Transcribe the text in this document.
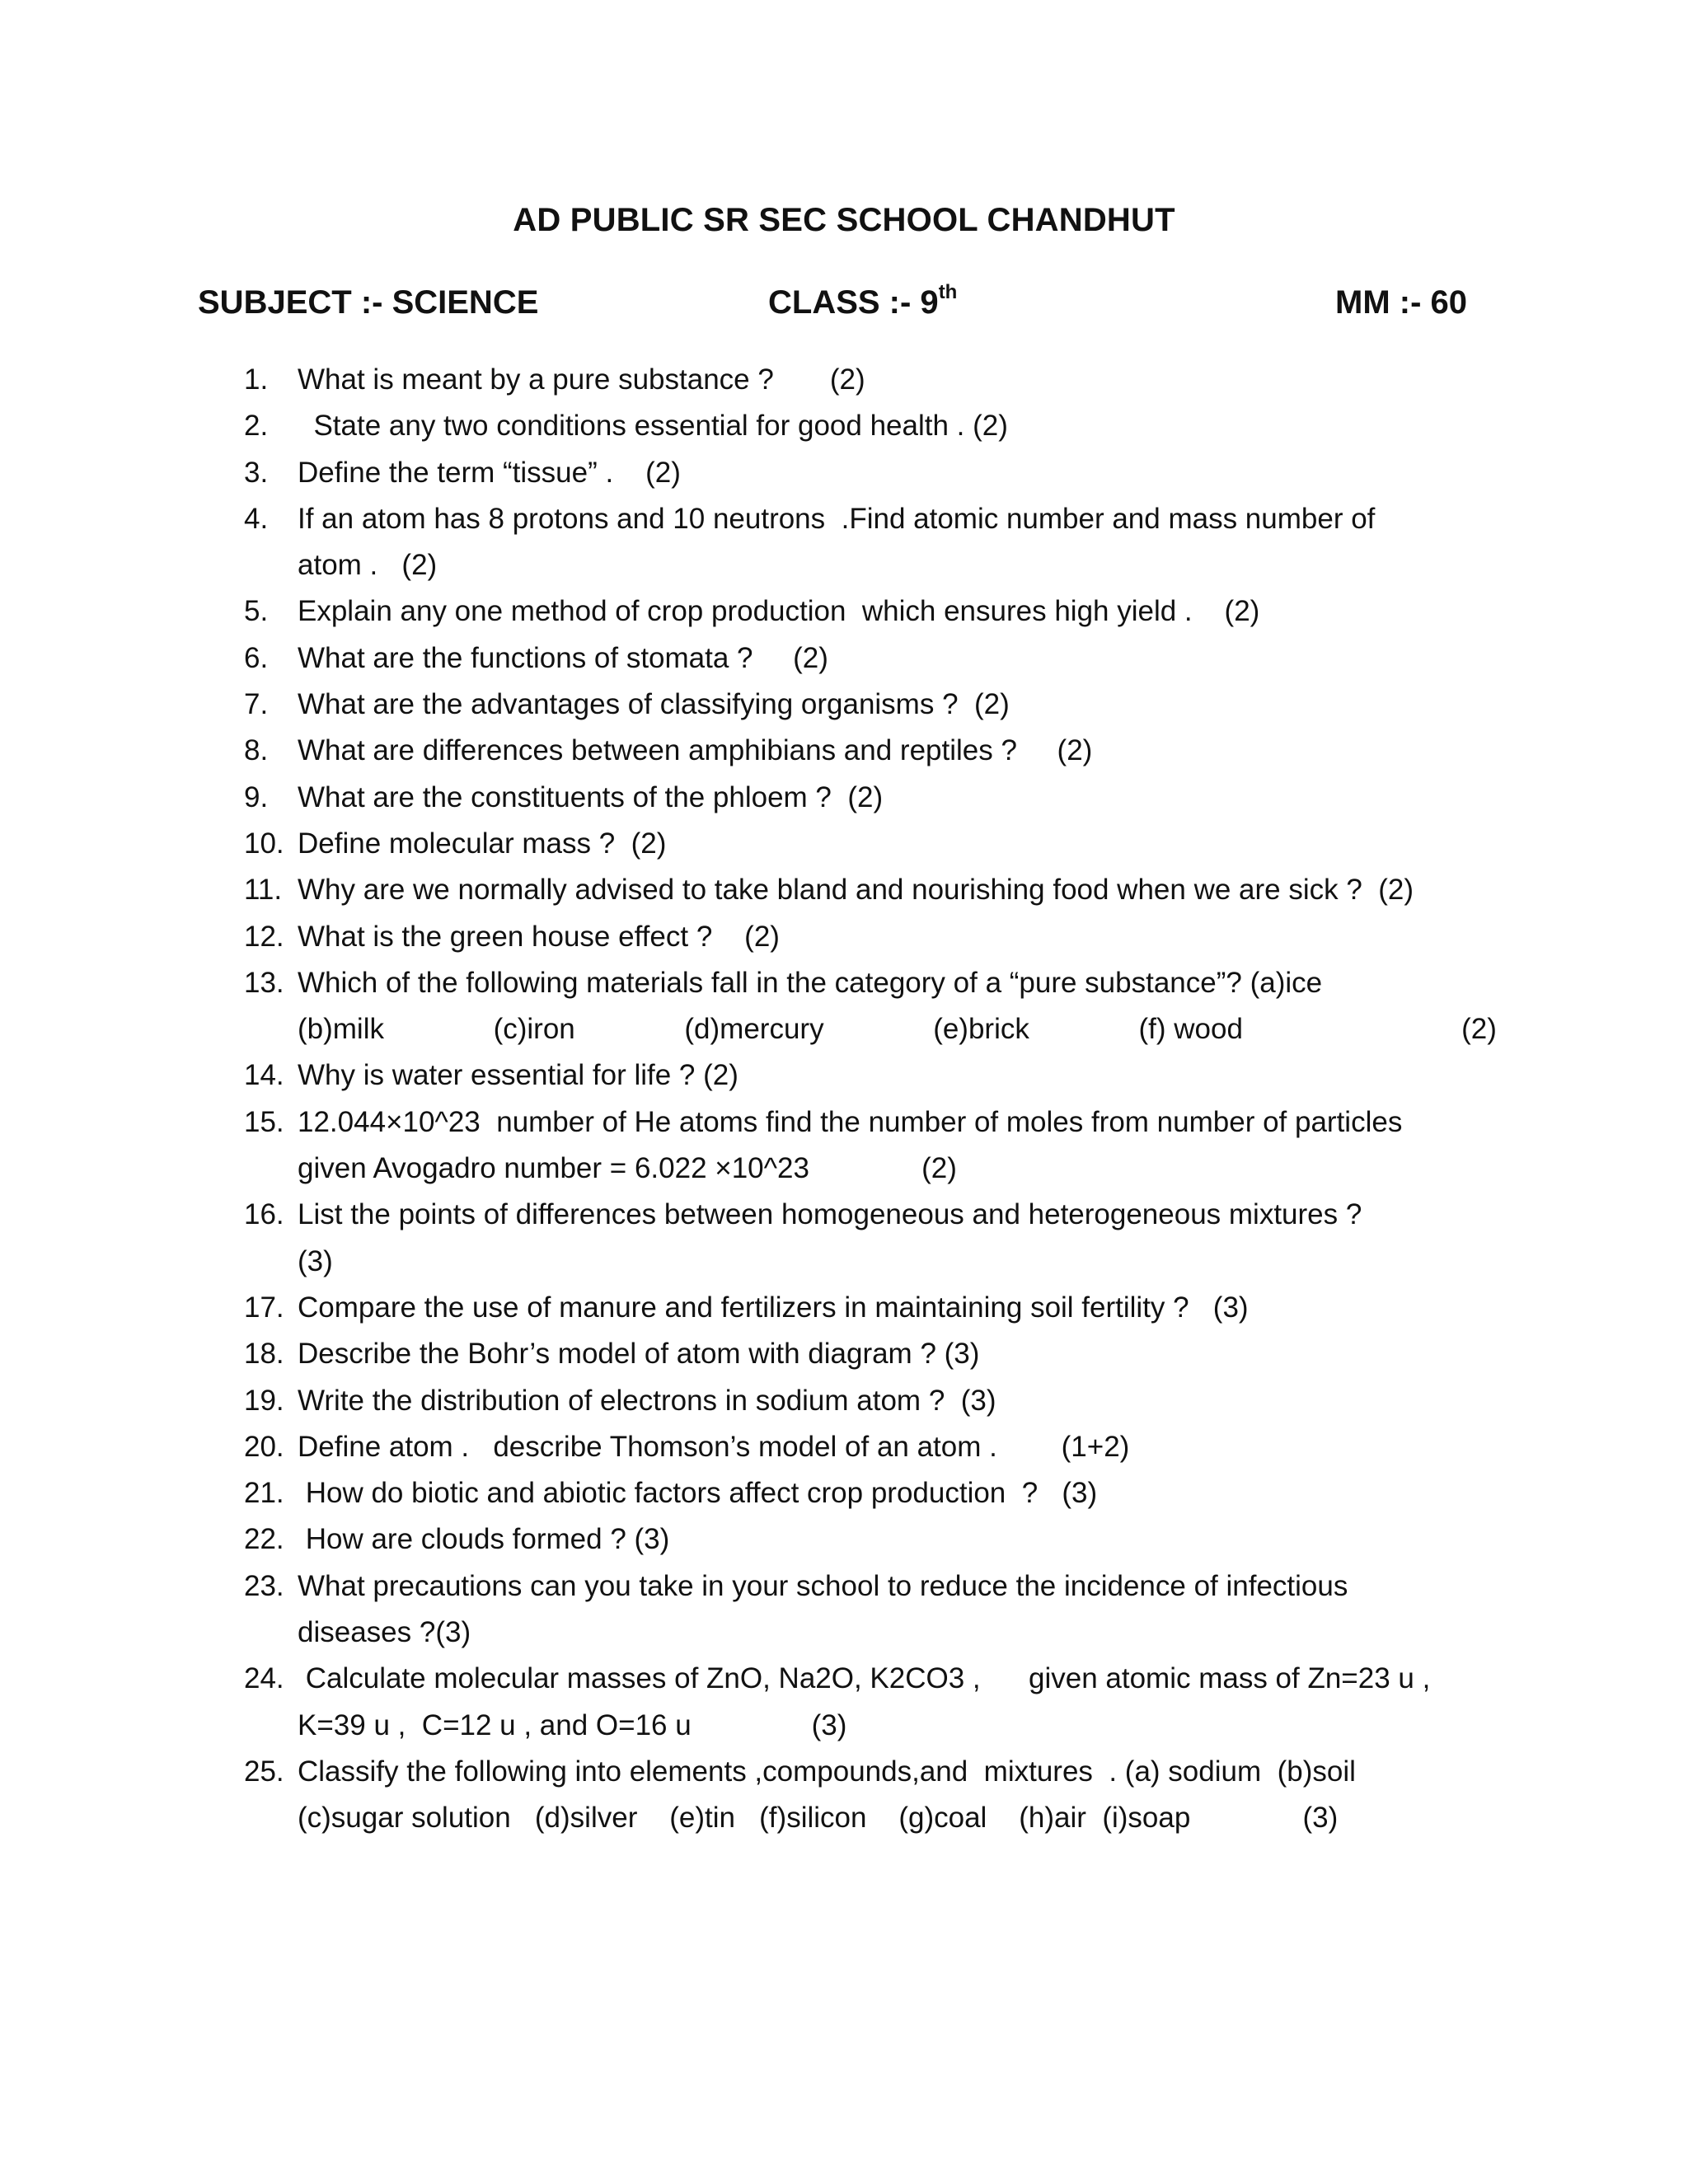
AD PUBLIC SR SEC SCHOOL CHANDHUT
SUBJECT :- SCIENCE	CLASS :- 9th	MM :- 60
1. What is meant by a pure substance ?       (2)
2. State any two conditions essential for good health . (2)
3. Define the term “tissue” .    (2)
4. If an atom has 8 protons and 10 neutrons  .Find atomic number and mass number of
atom .   (2)
5. Explain any one method of crop production  which ensures high yield .    (2)
6. What are the functions of stomata ?     (2)
7. What are the advantages of classifying organisms ?  (2)
8. What are differences between amphibians and reptiles ?     (2)
9. What are the constituents of the phloem ?  (2)
10. Define molecular mass ?  (2)
11. Why are we normally advised to take bland and nourishing food when we are sick ?  (2)
12. What is the green house effect ?    (2)
13. Which of the following materials fall in the category of a “pure substance”? (a)ice
(b)milk	(c)iron	(d)mercury	(e)brick	(f) wood	(2)
14. Why is water essential for life ? (2)
15. 12.044×10^23  number of He atoms find the number of moles from number of particles
given Avogadro number = 6.022 ×10^23              (2)
16. List the points of differences between homogeneous and heterogeneous mixtures ?
(3)
17. Compare the use of manure and fertilizers in maintaining soil fertility ?   (3)
18. Describe the Bohr’s model of atom with diagram ? (3)
19. Write the distribution of electrons in sodium atom ?  (3)
20. Define atom .   describe Thomson’s model of an atom .        (1+2)
21. How do biotic and abiotic factors affect crop production  ?   (3)
22. How are clouds formed ? (3)
23. What precautions can you take in your school to reduce the incidence of infectious
diseases ?(3)
24. Calculate molecular masses of ZnO, Na2O, K2CO3 ,      given atomic mass of Zn=23 u ,
K=39 u ,  C=12 u , and O=16 u               (3)
25. Classify the following into elements ,compounds,and  mixtures  . (a) sodium  (b)soil
(c)sugar solution   (d)silver    (e)tin   (f)silicon    (g)coal    (h)air  (i)soap              (3)
